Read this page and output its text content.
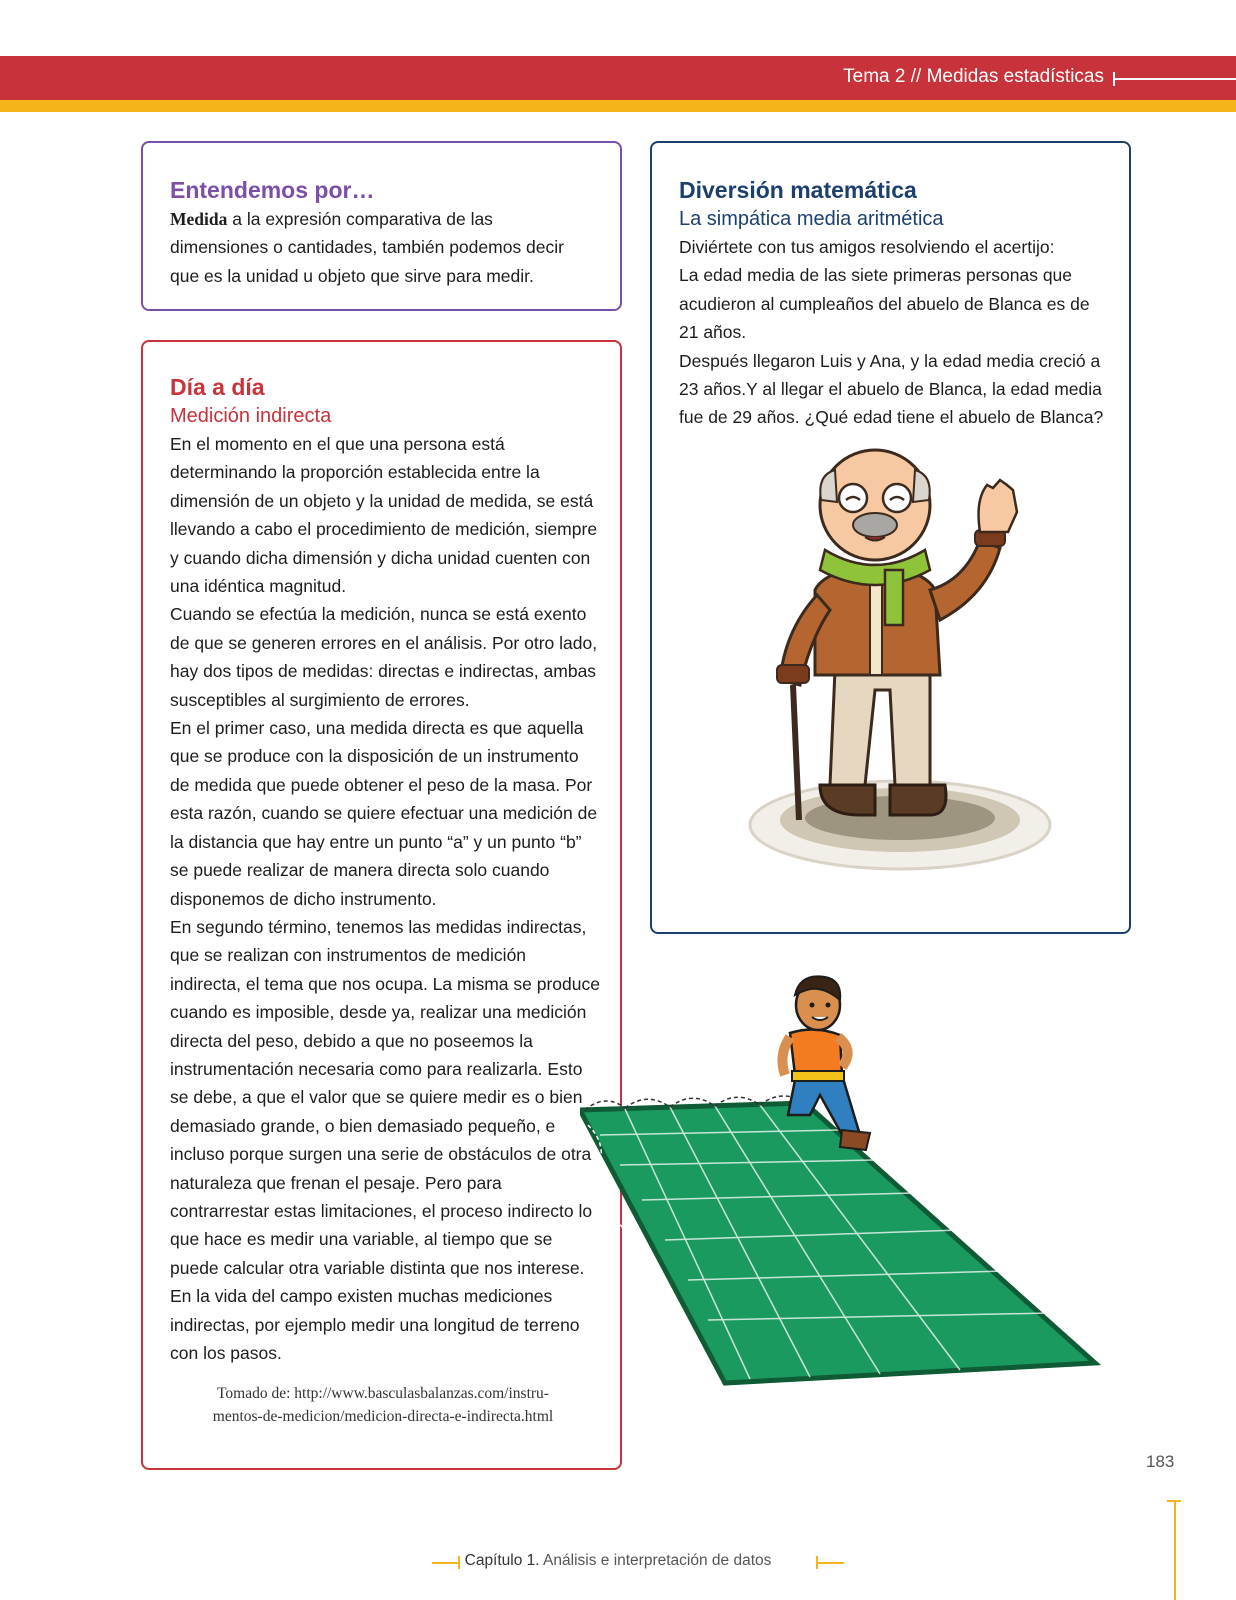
Tema 2 // Medidas estadísticas
Entendemos por…

Medida a la expresión comparativa de las dimensiones o cantidades, también podemos decir que es la unidad u objeto que sirve para medir.

Día a día

Medición indirecta

En el momento en el que una persona está determinando la proporción establecida entre la dimensión de un objeto y la unidad de medida, se está llevando a cabo el procedimiento de medición, siempre y cuando dicha dimensión y dicha unidad cuenten con una idéntica magnitud.

Cuando se efectúa la medición, nunca se está exento de que se generen errores en el análisis. Por otro lado, hay dos tipos de medidas: directas e indirectas, ambas susceptibles al surgimiento de errores.

En el primer caso, una medida directa es que aquella que se produce con la disposición de un instrumento de medida que puede obtener el peso de la masa. Por esta razón, cuando se quiere efectuar una medición de la distancia que hay entre un punto “a” y un punto “b” se puede realizar de manera directa solo cuando disponemos de dicho instrumento.

En segundo término, tenemos las medidas indirectas, que se realizan con instrumentos de medición indirecta, el tema que nos ocupa. La misma se produce cuando es imposible, desde ya, realizar una medición directa del peso, debido a que no poseemos la instrumentación necesaria como para realizarla. Esto se debe, a que el valor que se quiere medir es o bien demasiado grande, o bien demasiado pequeño, e incluso porque surgen una serie de obstáculos de otra naturaleza que frenan el pesaje. Pero para contrarrestar estas limitaciones, el proceso indirecto lo que hace es medir una variable, al tiempo que se puede calcular otra variable distinta que nos interese.

En la vida del campo existen muchas mediciones indirectas, por ejemplo medir una longitud de terreno con los pasos.

Tomado de: http://www.basculasbalanzas.com/instru-
mentos-de-medicion/medicion-directa-e-indirecta.html
Diversión matemática

La simpática media aritmética

Diviértete con tus amigos resolviendo el acertijo:

La edad media de las siete primeras personas que acudieron al cumpleaños del abuelo de Blanca es de 21 años.

Después llegaron Luis y Ana, y la edad media creció a 23 años.Y al llegar el abuelo de Blanca, la edad media fue de 29 años. ¿Qué edad tiene el abuelo de Blanca?

183
Capítulo 1. Análisis e interpretación de datos
